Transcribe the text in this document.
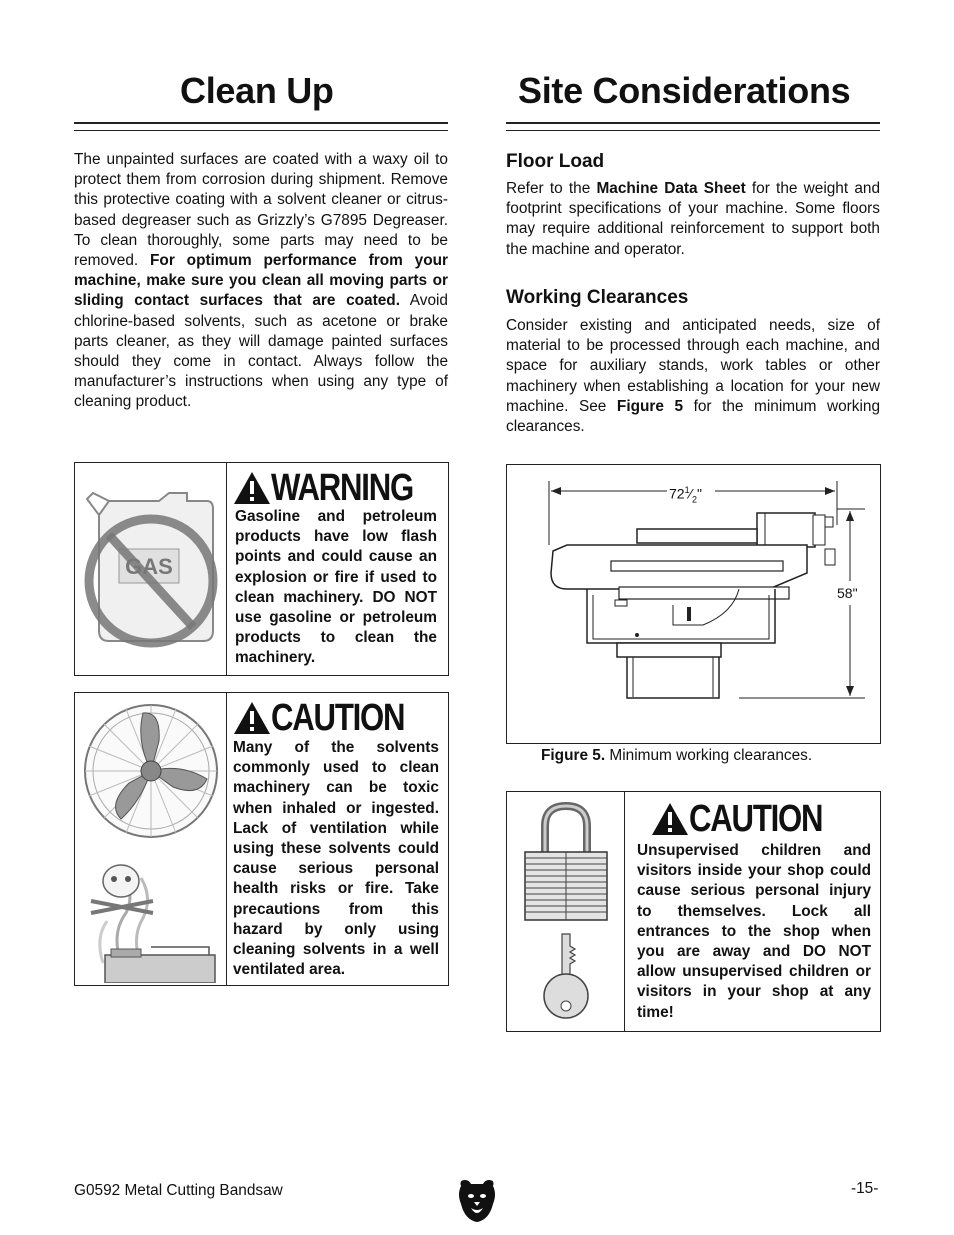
Clean Up
The unpainted surfaces are coated with a waxy oil to protect them from corrosion during shipment. Remove this protective coating with a solvent cleaner or citrus-based degreaser such as Grizzly’s G7895 Degreaser. To clean thoroughly, some parts may need to be removed. For optimum performance from your machine, make sure you clean all moving parts or sliding contact surfaces that are coated. Avoid chlorine-based solvents, such as acetone or brake parts cleaner, as they will damage painted surfaces should they come in contact. Always follow the manufacturer’s instructions when using any type of cleaning product.
GAS
WARNING
Gasoline and petroleum products have low flash points and could cause an explosion or fire if used to clean machinery. DO NOT use gasoline or petroleum products to clean the machinery.
CAUTION
Many of the solvents commonly used to clean machinery can be toxic when inhaled or ingested. Lack of ventilation while using these solvents could cause serious personal health risks or fire. Take precautions from this hazard by only using cleaning solvents in a well ventilated area.
Site Considerations
Floor Load
Refer to the Machine Data Sheet for the weight and footprint specifications of your machine. Some floors may require additional reinforcement to support both the machine and operator.
Working Clearances
Consider existing and anticipated needs, size of material to be processed through each machine, and space for auxiliary stands, work tables or other machinery when establishing a location for your new machine. See Figure 5 for the minimum working clearances.
$72^1⁄_2$"
58"
Figure 5. Minimum working clearances.
CAUTION
Unsupervised children and visitors inside your shop could cause serious personal injury to themselves. Lock all entrances to the shop when you are away and DO NOT allow unsupervised children or visitors in your shop at any time!
G0592 Metal Cutting Bandsaw	-15-
